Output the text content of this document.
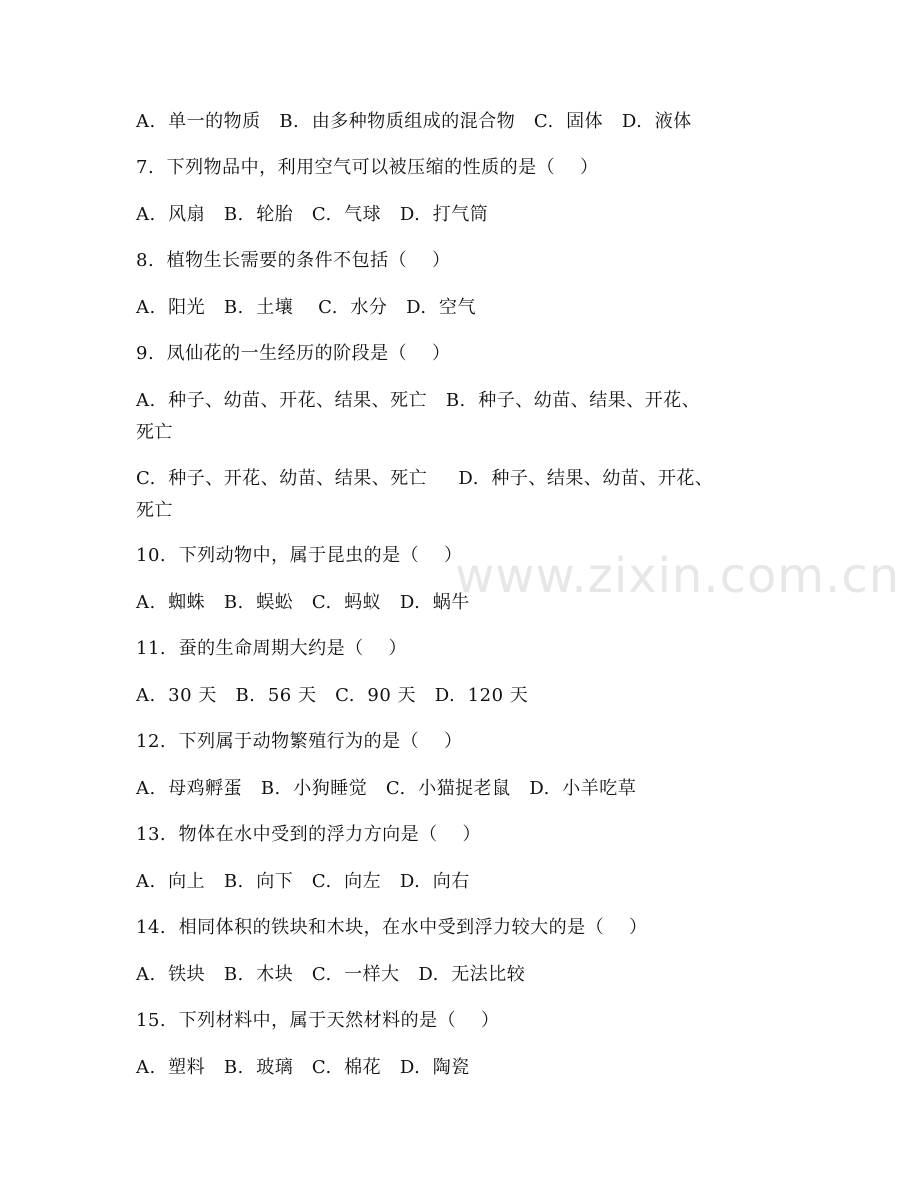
A.  单一的物质   B.  由多种物质组成的混合物   C.  固体   D.  液体
7.  下列物品中，利用空气可以被压缩的性质的是（    ）
A.  风扇   B.  轮胎   C.  气球   D.  打气筒
8.  植物生长需要的条件不包括（    ）
A.  阳光   B.  土壤    C.  水分   D.  空气
9.  凤仙花的一生经历的阶段是（    ）
A.  种子、幼苗、开花、结果、死亡   B.  种子、幼苗、结果、开花、
死亡
C.  种子、开花、幼苗、结果、死亡     D.  种子、结果、幼苗、开花、
死亡
10.  下列动物中，属于昆虫的是（    ）
A.  蜘蛛   B.  蜈蚣   C.  蚂蚁   D.  蜗牛
11.  蚕的生命周期大约是（    ）
A.  30 天   B.  56 天   C.  90 天   D.  120 天
12.  下列属于动物繁殖行为的是（    ）
A.  母鸡孵蛋   B.  小狗睡觉   C.  小猫捉老鼠   D.  小羊吃草
13.  物体在水中受到的浮力方向是（    ）
A.  向上   B.  向下   C.  向左   D.  向右
14.  相同体积的铁块和木块，在水中受到浮力较大的是（    ）
A.  铁块   B.  木块   C.  一样大   D.  无法比较
15.  下列材料中，属于天然材料的是（    ）
A.  塑料   B.  玻璃   C.  棉花   D.  陶瓷
www.zixin.com.cn
